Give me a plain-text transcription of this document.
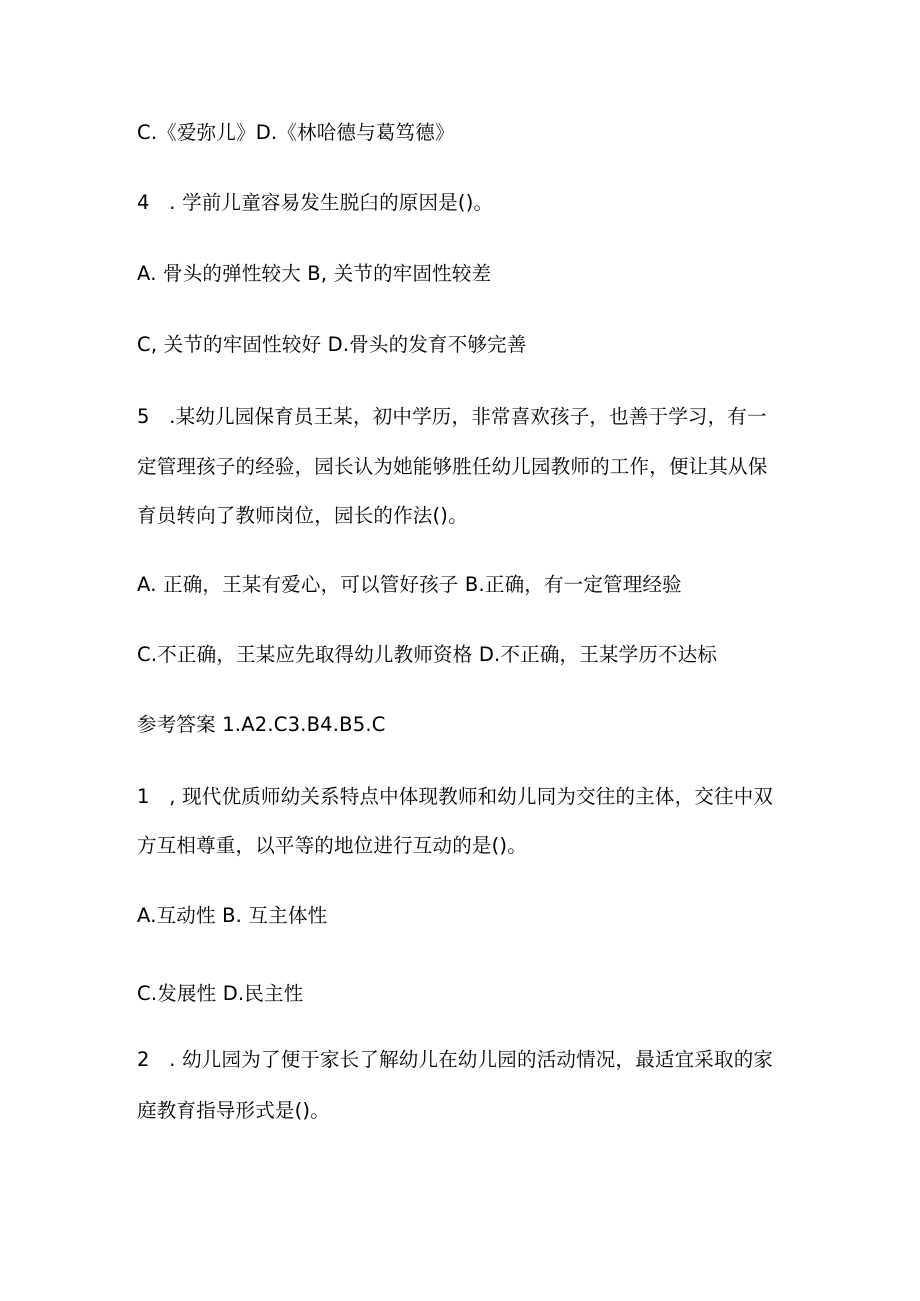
C.《爱弥儿》D.《林哈德与葛笃德》
4　. 学前儿童容易发生脱臼的原因是()。
A. 骨头的弹性较大 B, 关节的牢固性较差
C, 关节的牢固性较好 D.骨头的发育不够完善
5　.某幼儿园保育员王某，初中学历，非常喜欢孩子，也善于学习，有一
定管理孩子的经验，园长认为她能够胜任幼儿园教师的工作，便让其从保
育员转向了教师岗位，园长的作法()。
A. 正确，王某有爱心，可以管好孩子 B.正确，有一定管理经验
C.不正确，王某应先取得幼儿教师资格 D.不正确，王某学历不达标
参考答案 1.A2.C3.B4.B5.C
1　, 现代优质师幼关系特点中体现教师和幼儿同为交往的主体，交往中双
方互相尊重，以平等的地位进行互动的是()。
A.互动性 B. 互主体性
C.发展性 D.民主性
2　. 幼儿园为了便于家长了解幼儿在幼儿园的活动情况，最适宜采取的家
庭教育指导形式是()。
